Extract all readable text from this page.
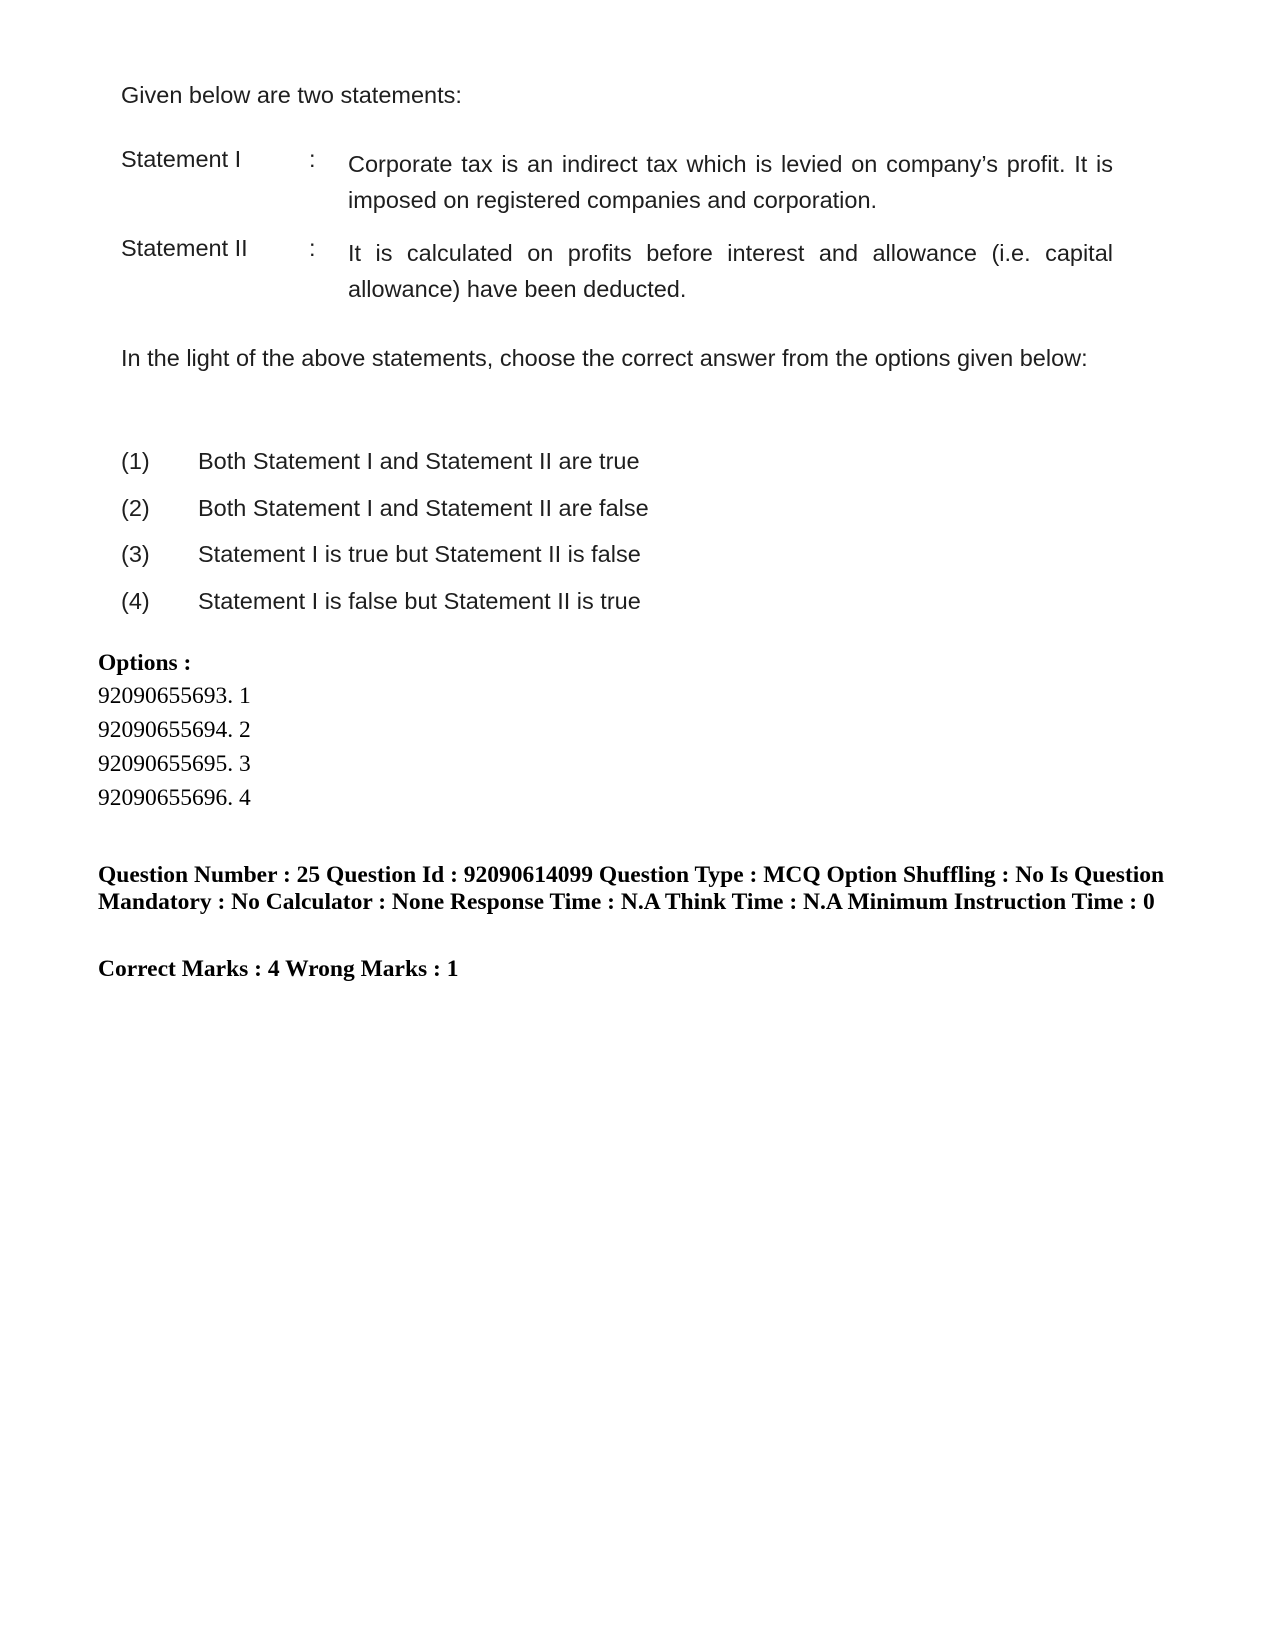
Given below are two statements:
Statement I	: Corporate tax is an indirect tax which is levied on company’s profit. It is imposed on registered companies and corporation.
Statement II	: It is calculated on profits before interest and allowance (i.e. capital allowance) have been deducted.
In the light of the above statements, choose the correct answer from the options given below:
(1) Both Statement I and Statement II are true
(2) Both Statement I and Statement II are false
(3) Statement I is true but Statement II is false
(4) Statement I is false but Statement II is true
Options :
92090655693. 1
92090655694. 2
92090655695. 3
92090655696. 4
Question Number : 25 Question Id : 92090614099 Question Type : MCQ Option Shuffling : No Is Question Mandatory : No Calculator : None Response Time : N.A Think Time : N.A Minimum Instruction Time : 0
Correct Marks : 4 Wrong Marks : 1
